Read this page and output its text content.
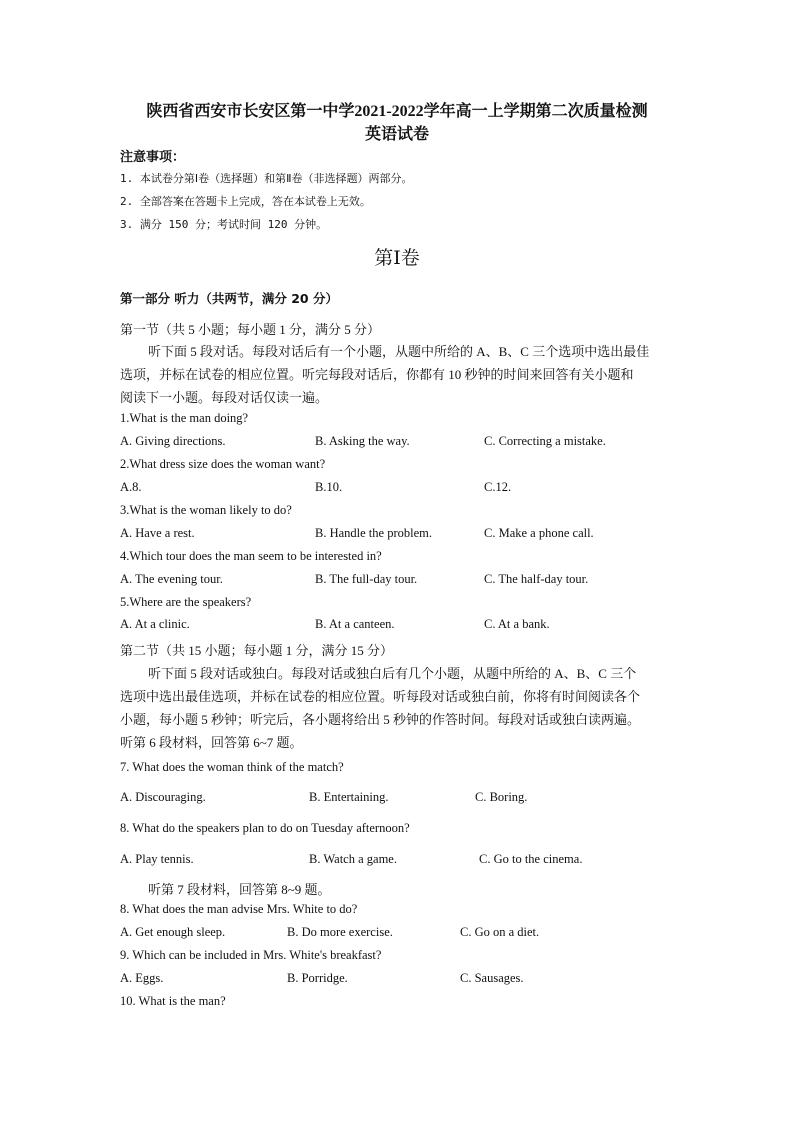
陕西省西安市长安区第一中学2021-2022学年高一上学期第二次质量检测
英语试卷
注意事项：
1. 本试卷分第Ⅰ卷（选择题）和第Ⅱ卷（非选择题）两部分。
2. 全部答案在答题卡上完成，答在本试卷上无效。
3. 满分 150 分；考试时间 120 分钟。
第Ⅰ卷
第一部分 听力（共两节，满分 20 分）
第一节（共 5 小题；每小题 1 分，满分 5 分）
听下面 5 段对话。每段对话后有一个小题，从题中所给的 A、B、C 三个选项中选出最佳
选项，并标在试卷的相应位置。听完每段对话后，你都有 10 秒钟的时间来回答有关小题和
阅读下一小题。每段对话仅读一遍。
1.What is the man doing?
A. Giving directions.	B. Asking the way.	C. Correcting a mistake.
2.What dress size does the woman want?
A.8.	B.10.	C.12.
3.What is the woman likely to do?
A. Have a rest.	B. Handle the problem.	C. Make a phone call.
4.Which tour does the man seem to be interested in?
A. The evening tour.	B. The full-day tour.	C. The half-day tour.
5.Where are the speakers?
A. At a clinic.	B. At a canteen.	C. At a bank.
第二节（共 15 小题；每小题 1 分，满分 15 分）
听下面 5 段对话或独白。每段对话或独白后有几个小题，从题中所给的 A、B、C 三个
选项中选出最佳选项，并标在试卷的相应位置。听每段对话或独白前，你将有时间阅读各个
小题，每小题 5 秒钟；听完后，各小题将给出 5 秒钟的作答时间。每段对话或独白读两遍。
听第 6 段材料，回答第 6~7 题。
7. What does the woman think of the match?
A. Discouraging.	B. Entertaining.	C. Boring.
8. What do the speakers plan to do on Tuesday afternoon?
A. Play tennis.	B. Watch a game.	C. Go to the cinema.
听第 7 段材料，回答第 8~9 题。
8. What does the man advise Mrs. White to do?
A. Get enough sleep.	B. Do more exercise.	C. Go on a diet.
9. Which can be included in Mrs. White's breakfast?
A. Eggs.	B. Porridge.	C. Sausages.
10. What is the man?
